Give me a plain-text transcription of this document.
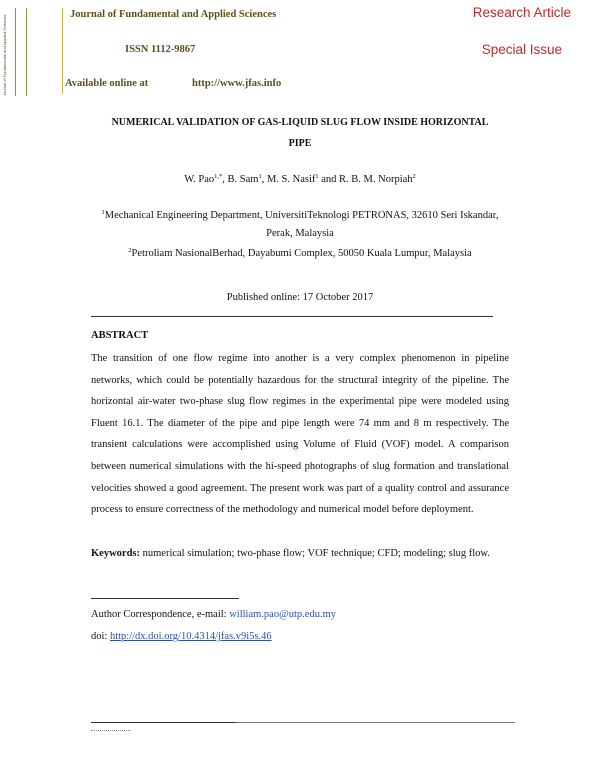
Journal of Fundamental and Applied Sciences
Journal of Fundamental and Applied Sciences
ISSN 1112-9867
Available online at	http://www.jfas.info
Research Article
Special Issue
NUMERICAL VALIDATION OF GAS-LIQUID SLUG FLOW INSIDE HORIZONTAL
PIPE
W. Pao$^{1,*}$, B. Sam$^1$, M. S. Nasif$^1$ and R. B. M. Norpiah$^2$
$^1$Mechanical Engineering Department, UniversitiTeknologi PETRONAS, 32610 Seri Iskandar,
Perak, Malaysia
$^2$Petroliam NasionalBerhad, Dayabumi Complex, 50050 Kuala Lumpur, Malaysia
Published online: 17 October 2017
ABSTRACT
The transition of one flow regime into another is a very complex phenomenon in pipeline networks, which could be potentially hazardous for the structural integrity of the pipeline. The horizontal air-water two-phase slug flow regimes in the experimental pipe were modeled using Fluent 16.1. The diameter of the pipe and pipe length were 74 mm and 8 m respectively. The transient calculations were accomplished using Volume of Fluid (VOF) model. A comparison between numerical simulations with the hi-speed photographs of slug formation and translational velocities showed a good agreement. The present work was part of a quality control and assurance process to ensure correctness of the methodology and numerical model before deployment.
Keywords: numerical simulation; two-phase flow; VOF technique; CFD; modeling; slug flow.
Author Correspondence, e-mail: william.pao@utp.edu.my
doi: http://dx.doi.org/10.4314/jfas.v9i5s.46
